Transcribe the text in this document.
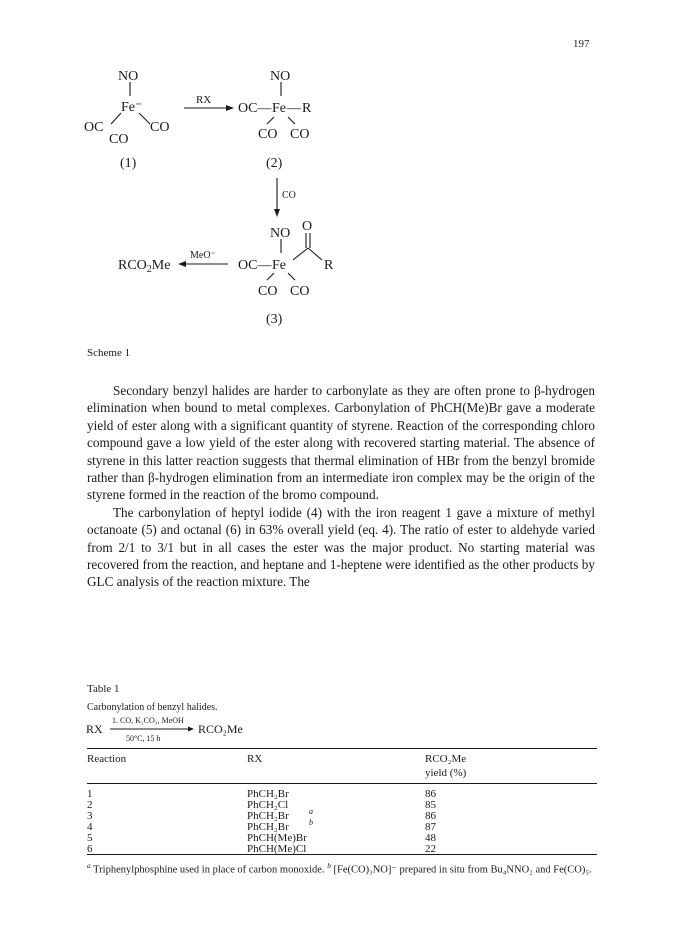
197
NO
Fe⁻
OC
CO
CO
(1)
RX
NO
OC— Fe — R
CO CO
(2)
CO
NO O
OC— Fe	R
CO CO
(3)
MeO⁻
$RCO_2Me$
Scheme 1

Secondary benzyl halides are harder to carbonylate as they are often prone to β-hydrogen elimination when bound to metal complexes. Carbonylation of PhCH(Me)Br gave a moderate yield of ester along with a significant quantity of styrene. Reaction of the corresponding chloro compound gave a low yield of the ester along with recovered starting material. The absence of styrene in this latter reaction suggests that thermal elimination of HBr from the benzyl bromide rather than β-hydrogen elimination from an intermediate iron complex may be the origin of the styrene formed in the reaction of the bromo compound.

The carbonylation of heptyl iodide (4) with the iron reagent 1 gave a mixture of methyl octanoate (5) and octanal (6) in 63% overall yield (eq. 4). The ratio of ester to aldehyde varied from 2/1 to 3/1 but in all cases the ester was the major product. No starting material was recovered from the reaction, and heptane and 1-heptene were identified as the other products by GLC analysis of the reaction mixture. The

Table 1
Carbonylation of benzyl halides.
RX
1. CO, K₂CO₃, MeOH
50°C, 15 h
RCO₂Me
Reaction	RX	RCO₂Me
yield (%)
1	PhCH₂Br	86
2	PhCH₂Cl	85
3	PhCH₂Br	86
a
4	PhCH₂Br	87
b
5	PhCH(Me)Br	48
6	PhCH(Me)Cl	22
$^a$ Triphenylphosphine used in place of carbon monoxide. $^b$ [Fe(CO)₃NO]⁻ prepared in situ from Bu₄NNO₂ and Fe(CO)₅.
